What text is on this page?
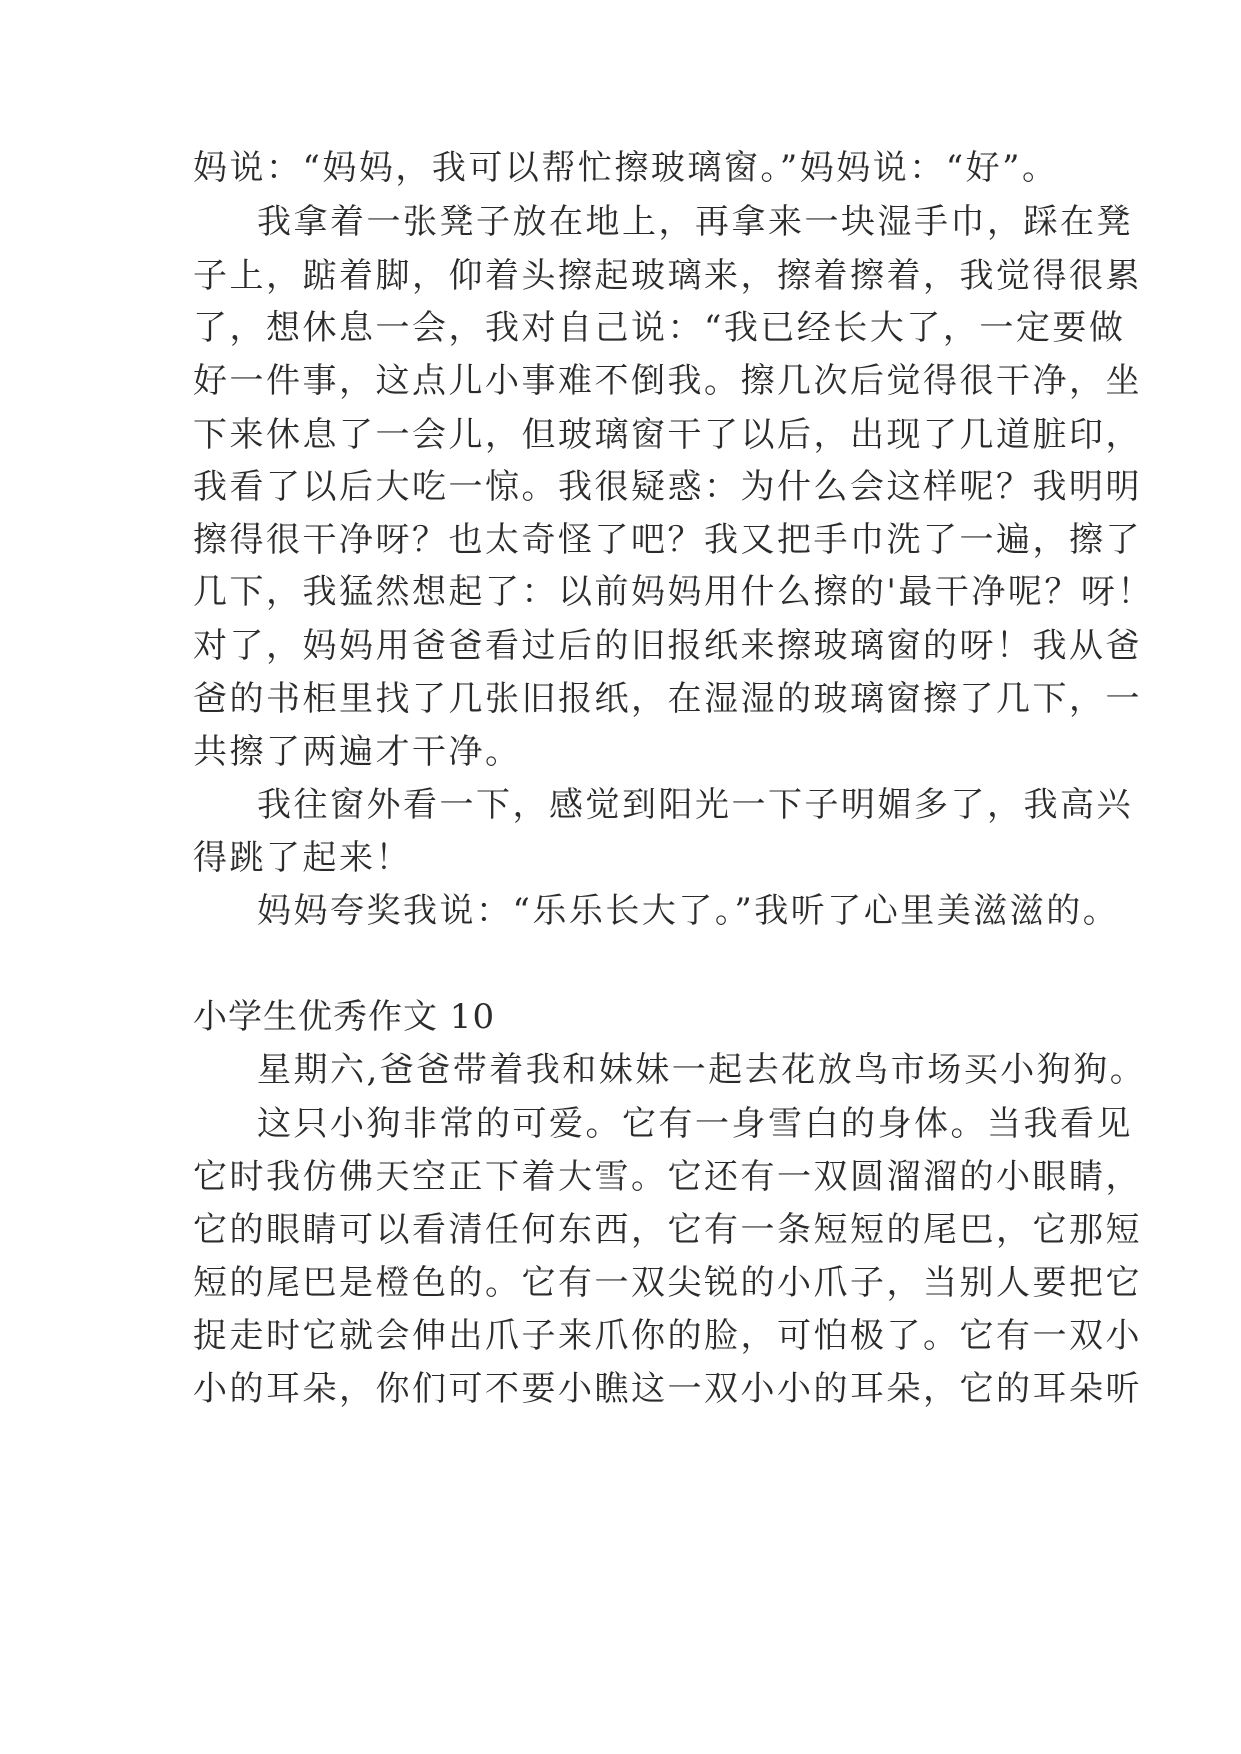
妈说：“妈妈，我可以帮忙擦玻璃窗。”妈妈说：“好”。
我拿着一张凳子放在地上，再拿来一块湿手巾，踩在凳
子上，踮着脚，仰着头擦起玻璃来，擦着擦着，我觉得很累
了，想休息一会，我对自己说：“我已经长大了，一定要做
好一件事，这点儿小事难不倒我。擦几次后觉得很干净，坐
下来休息了一会儿，但玻璃窗干了以后，出现了几道脏印，
我看了以后大吃一惊。我很疑惑：为什么会这样呢？我明明
擦得很干净呀？也太奇怪了吧？我又把手巾洗了一遍，擦了
几下，我猛然想起了：以前妈妈用什么擦的'最干净呢？呀！
对了，妈妈用爸爸看过后的旧报纸来擦玻璃窗的呀！我从爸
爸的书柜里找了几张旧报纸，在湿湿的玻璃窗擦了几下，一
共擦了两遍才干净。
我往窗外看一下，感觉到阳光一下子明媚多了，我高兴
得跳了起来！
妈妈夸奖我说：“乐乐长大了。”我听了心里美滋滋的。
小学生优秀作文 10
星期六,爸爸带着我和妹妹一起去花放鸟市场买小狗狗。
这只小狗非常的可爱。它有一身雪白的身体。当我看见
它时我仿佛天空正下着大雪。它还有一双圆溜溜的小眼睛，
它的眼睛可以看清任何东西，它有一条短短的尾巴，它那短
短的尾巴是橙色的。它有一双尖锐的小爪子，当别人要把它
捉走时它就会伸出爪子来爪你的脸，可怕极了。它有一双小
小的耳朵，你们可不要小瞧这一双小小的耳朵，它的耳朵听
